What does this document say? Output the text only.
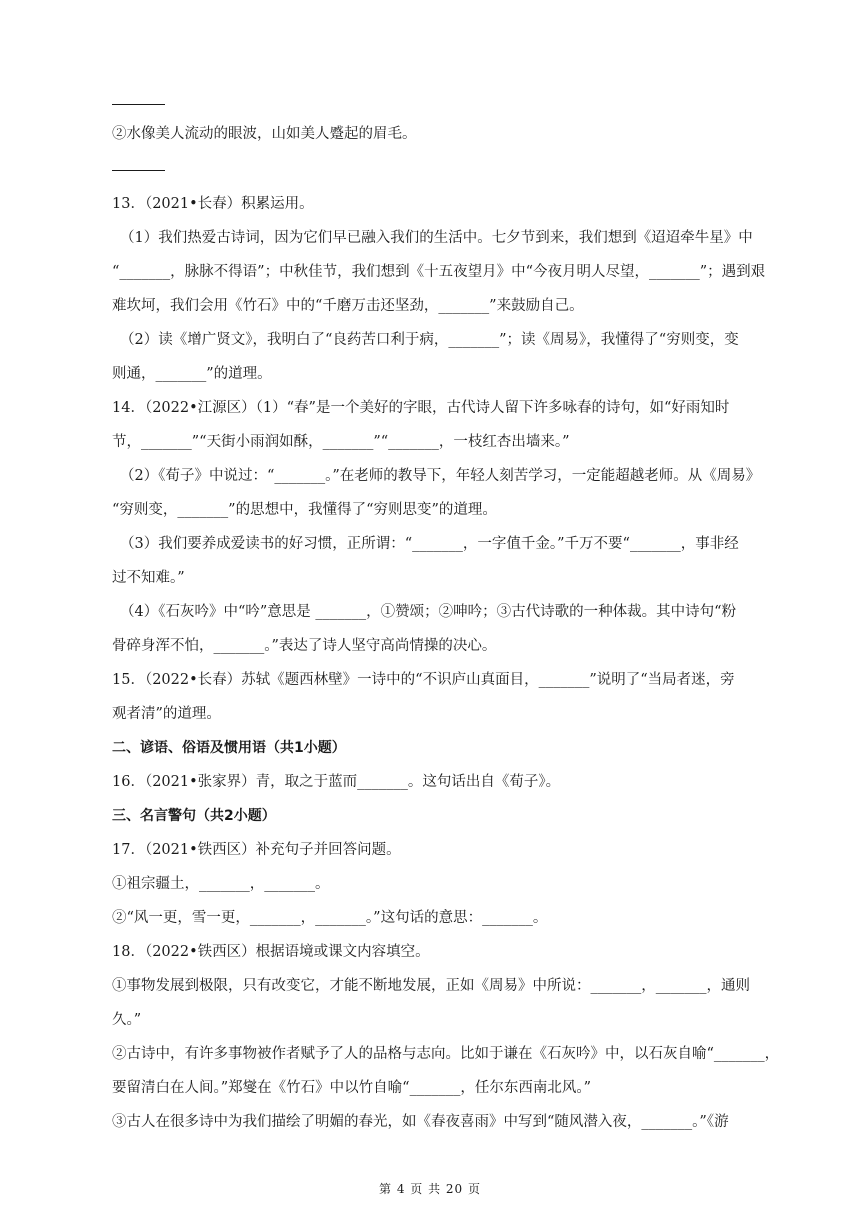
②水像美人流动的眼波，山如美人蹙起的眉毛。
13．（2021•长春）积累运用。
（1）我们热爱古诗词，因为它们早已融入我们的生活中。七夕节到来，我们想到《迢迢牵牛星》中
“_______，脉脉不得语”；中秋佳节，我们想到《十五夜望月》中“今夜月明人尽望，_______”；遇到艰
难坎坷，我们会用《竹石》中的“千磨万击还坚劲，_______”来鼓励自己。
（2）读《增广贤文》，我明白了“良药苦口利于病，_______”；读《周易》，我懂得了“穷则变，变
则通，_______”的道理。
14．（2022•江源区）（1）“春”是一个美好的字眼，古代诗人留下许多咏春的诗句，如“好雨知时
节，_______”“天街小雨润如酥，_______”“_______，一枝红杏出墙来。”
（2）《荀子》中说过：“_______。”在老师的教导下，年轻人刻苦学习，一定能超越老师。从《周易》
“穷则变，_______”的思想中，我懂得了“穷则思变”的道理。
（3）我们要养成爱读书的好习惯，正所谓：“_______，一字值千金。”千万不要“_______，事非经
过不知难。”
（4）《石灰吟》中“吟”意思是 _______，①赞颂；②呻吟；③古代诗歌的一种体裁。其中诗句“粉
骨碎身浑不怕，_______。”表达了诗人坚守高尚情操的决心。
15．（2022•长春）苏轼《题西林壁》一诗中的“不识庐山真面目，_______”说明了“当局者迷，旁
观者清”的道理。
二、谚语、俗语及惯用语（共1小题）
16．（2021•张家界）青，取之于蓝而_______。这句话出自《荀子》。
三、名言警句（共2小题）
17．（2021•铁西区）补充句子并回答问题。
①祖宗疆土，_______，_______。
②“风一更，雪一更，_______，_______。”这句话的意思：_______。
18．（2022•铁西区）根据语境或课文内容填空。
①事物发展到极限，只有改变它，才能不断地发展，正如《周易》中所说：_______，_______，通则
久。”
②古诗中，有许多事物被作者赋予了人的品格与志向。比如于谦在《石灰吟》中，以石灰自喻“_______，
要留清白在人间。”郑燮在《竹石》中以竹自喻“_______，任尔东西南北风。”
③古人在很多诗中为我们描绘了明媚的春光，如《春夜喜雨》中写到“随风潜入夜，_______。”《游
第 4 页 共 20 页
